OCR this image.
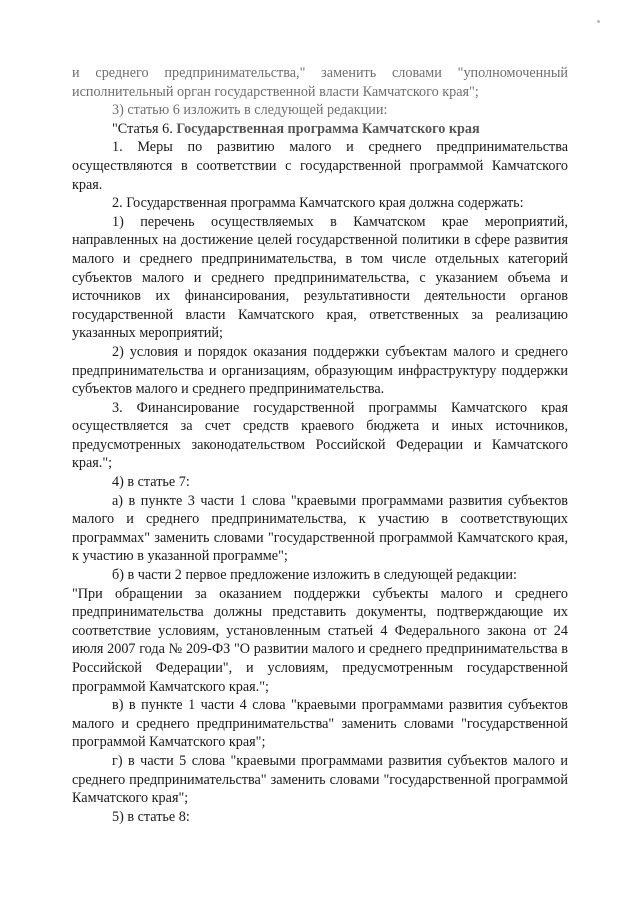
и среднего предпринимательства," заменить словами "уполномоченный исполнительный орган государственной власти Камчатского края";

3) статью 6 изложить в следующей редакции:

"Статья 6. Государственная программа Камчатского края

1. Меры по развитию малого и среднего предпринимательства осуществляются в соответствии с государственной программой Камчатского края.

2. Государственная программа Камчатского края должна содержать:

1) перечень осуществляемых в Камчатском крае мероприятий, направленных на достижение целей государственной политики в сфере развития малого и среднего предпринимательства, в том числе отдельных категорий субъектов малого и среднего предпринимательства, с указанием объема и источников их финансирования, результативности деятельности органов государственной власти Камчатского края, ответственных за реализацию указанных мероприятий;

2) условия и порядок оказания поддержки субъектам малого и среднего предпринимательства и организациям, образующим инфраструктуру поддержки субъектов малого и среднего предпринимательства.

3. Финансирование государственной программы Камчатского края осуществляется за счет средств краевого бюджета и иных источников, предусмотренных законодательством Российской Федерации и Камчатского края.";

4) в статье 7:

а) в пункте 3 части 1 слова "краевыми программами развития субъектов малого и среднего предпринимательства, к участию в соответствующих программах" заменить словами "государственной программой Камчатского края, к участию в указанной программе";

б) в части 2 первое предложение изложить в следующей редакции:

"При обращении за оказанием поддержки субъекты малого и среднего предпринимательства должны представить документы, подтверждающие их соответствие условиям, установленным статьей 4 Федерального закона от 24 июля 2007 года № 209-ФЗ "О развитии малого и среднего предпринимательства в Российской Федерации", и условиям, предусмотренным государственной программой Камчатского края.";

в) в пункте 1 части 4 слова "краевыми программами развития субъектов малого и среднего предпринимательства" заменить словами "государственной программой Камчатского края";

г) в части 5 слова "краевыми программами развития субъектов малого и среднего предпринимательства" заменить словами "государственной программой Камчатского края";

5) в статье 8:
